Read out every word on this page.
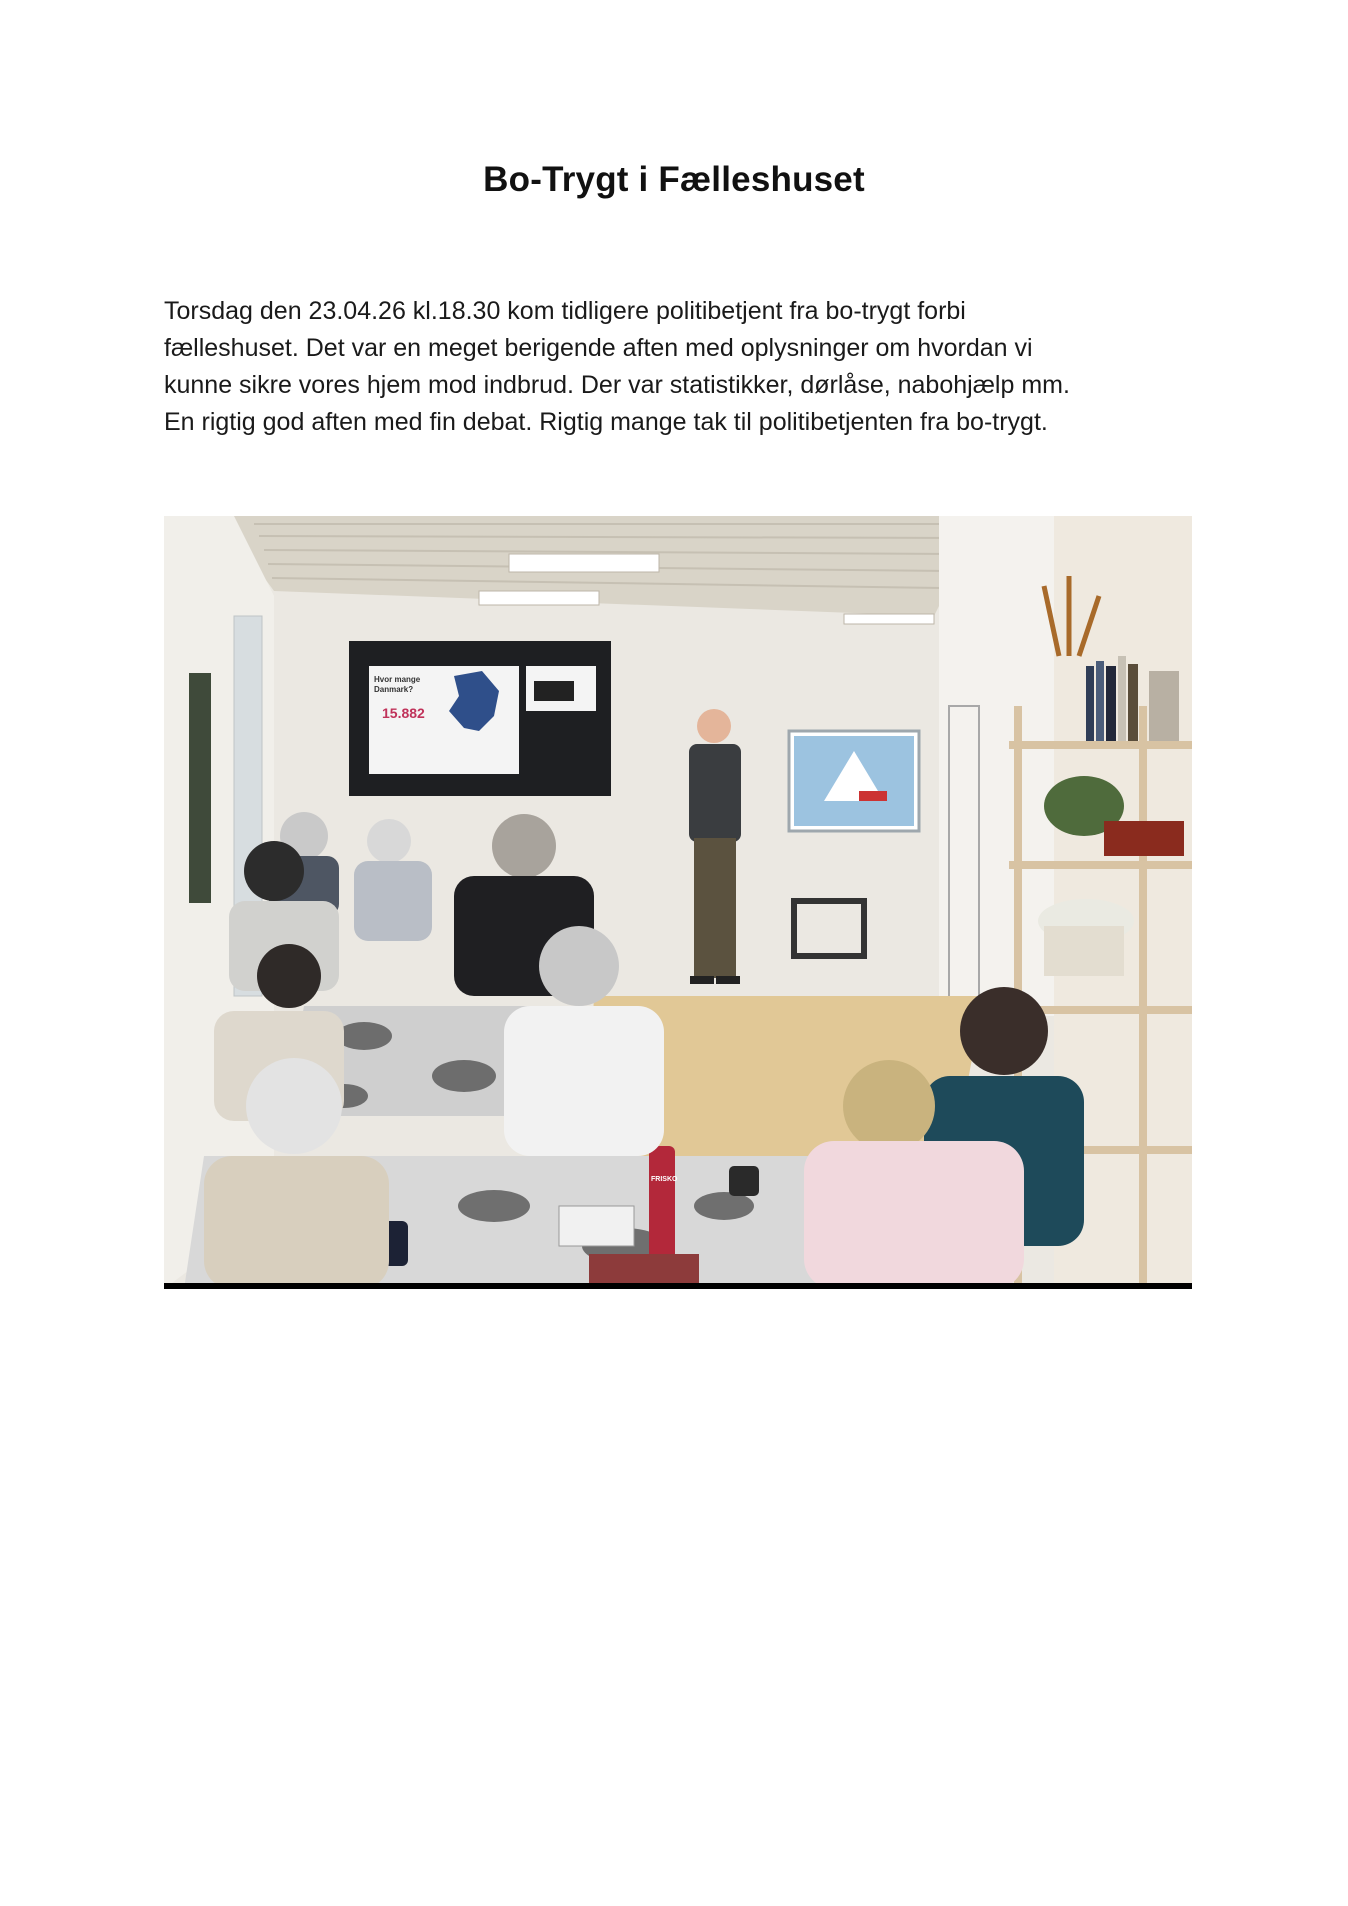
Bo-Trygt i Fælleshuset
Torsdag den 23.04.26 kl.18.30 kom tidligere politibetjent fra bo-trygt forbi
fælleshuset. Det var en meget berigende aften med oplysninger om hvordan vi
kunne sikre vores hjem mod indbrud. Der var statistikker, dørlåse, nabohjælp mm.
En rigtig god aften med fin debat. Rigtig mange tak til politibetjenten fra bo-trygt.
Hvor mange
Danmark?
15.882
FRISKO
